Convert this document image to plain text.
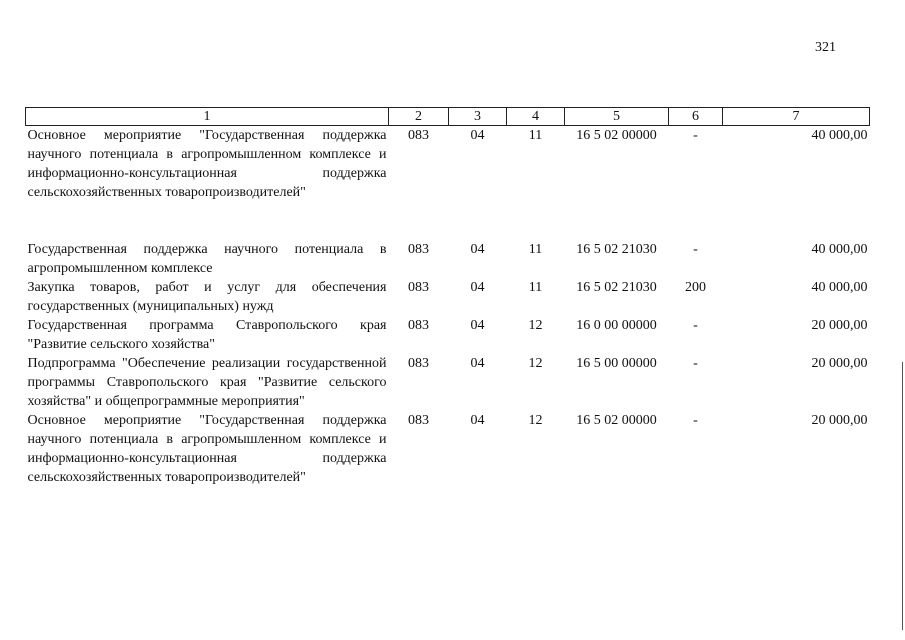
321
1	2	3	4	5	6	7
Основное мероприятие "Государственная поддержка научного потенциала в агропромышленном комплексе и информационно-консультационная поддержка сельскохозяйственных товаропроизводителей"	083	04	11	16 5 02 00000	-	40 000,00
Государственная поддержка научного потенциала в агропромышленном комплексе	083	04	11	16 5 02 21030	-	40 000,00
Закупка товаров, работ и услуг для обеспечения государственных (муниципальных) нужд	083	04	11	16 5 02 21030	200	40 000,00
Государственная программа Ставропольского края "Развитие сельского хозяйства"	083	04	12	16 0 00 00000	-	20 000,00
Подпрограмма "Обеспечение реализации государственной программы Ставропольского края "Развитие сельского хозяйства" и общепрограммные мероприятия"	083	04	12	16 5 00 00000	-	20 000,00
Основное мероприятие "Государственная поддержка научного потенциала в агропромышленном комплексе и информационно-консультационная поддержка сельскохозяйственных товаропроизводителей"	083	04	12	16 5 02 00000	-	20 000,00
